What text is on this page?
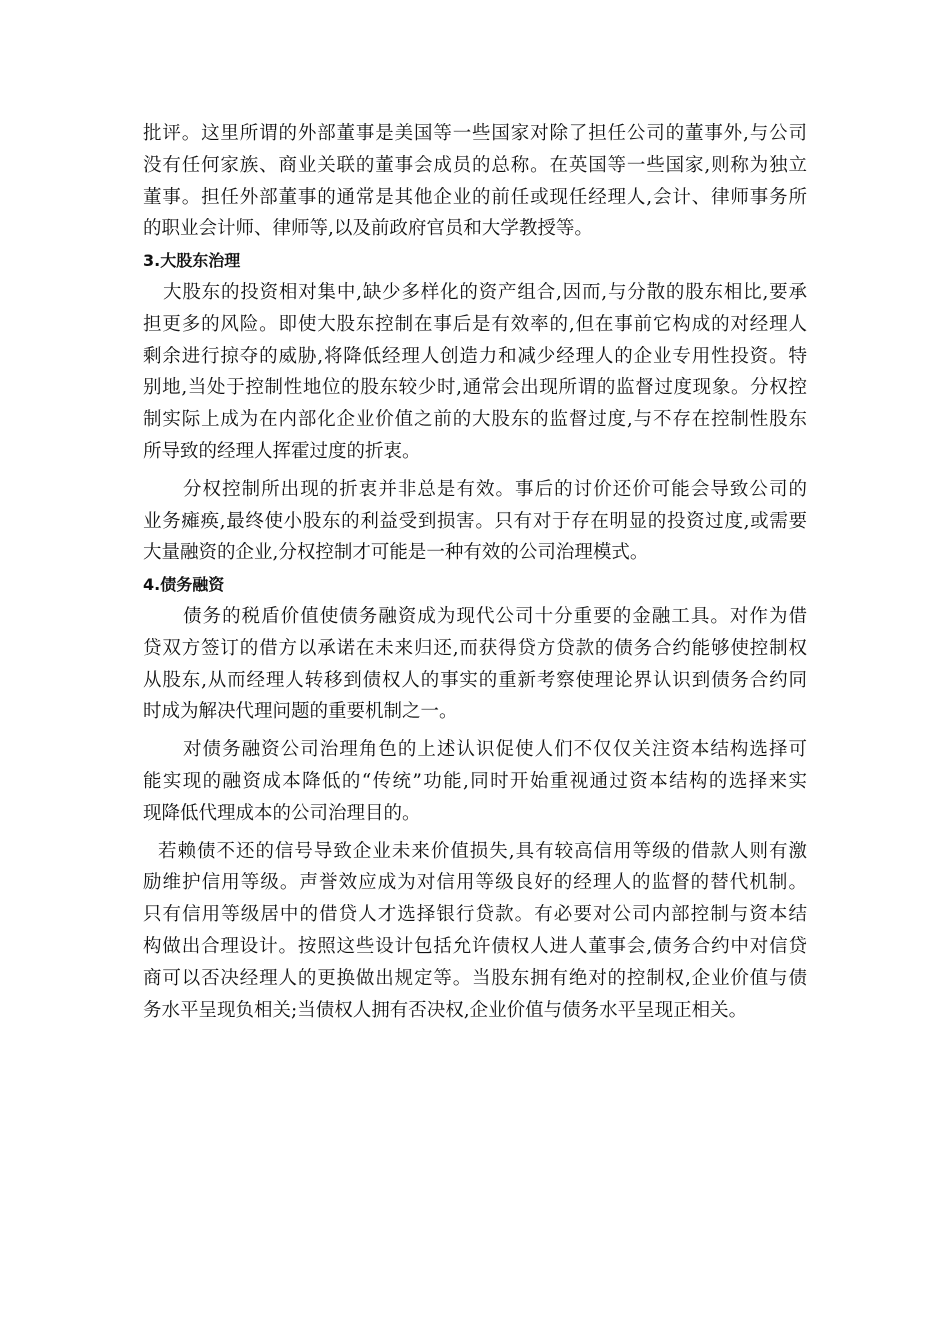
批评。这里所谓的外部董事是美国等一些国家对除了担任公司的董事外,与公司
没有任何家族、商业关联的董事会成员的总称。在英国等一些国家,则称为独立
董事。担任外部董事的通常是其他企业的前任或现任经理人,会计、律师事务所
的职业会计师、律师等,以及前政府官员和大学教授等。
3.大股东治理
大股东的投资相对集中,缺少多样化的资产组合,因而,与分散的股东相比,要承
担更多的风险。即使大股东控制在事后是有效率的,但在事前它构成的对经理人
剩余进行掠夺的威胁,将降低经理人创造力和减少经理人的企业专用性投资。特
别地,当处于控制性地位的股东较少时,通常会出现所谓的监督过度现象。分权控
制实际上成为在内部化企业价值之前的大股东的监督过度,与不存在控制性股东
所导致的经理人挥霍过度的折衷。
分权控制所出现的折衷并非总是有效。事后的讨价还价可能会导致公司的
业务瘫痪,最终使小股东的利益受到损害。只有对于存在明显的投资过度,或需要
大量融资的企业,分权控制才可能是一种有效的公司治理模式。
4.债务融资
债务的税盾价值使债务融资成为现代公司十分重要的金融工具。对作为借
贷双方签订的借方以承诺在未来归还,而获得贷方贷款的债务合约能够使控制权
从股东,从而经理人转移到债权人的事实的重新考察使理论界认识到债务合约同
时成为解决代理问题的重要机制之一。
对债务融资公司治理角色的上述认识促使人们不仅仅关注资本结构选择可
能实现的融资成本降低的“传统”功能,同时开始重视通过资本结构的选择来实
现降低代理成本的公司治理目的。
若赖债不还的信号导致企业未来价值损失,具有较高信用等级的借款人则有激
励维护信用等级。声誉效应成为对信用等级良好的经理人的监督的替代机制。
只有信用等级居中的借贷人才选择银行贷款。有必要对公司内部控制与资本结
构做出合理设计。按照这些设计包括允许债权人进人董事会,债务合约中对信贷
商可以否决经理人的更换做出规定等。当股东拥有绝对的控制权,企业价值与债
务水平呈现负相关;当债权人拥有否决权,企业价值与债务水平呈现正相关。
